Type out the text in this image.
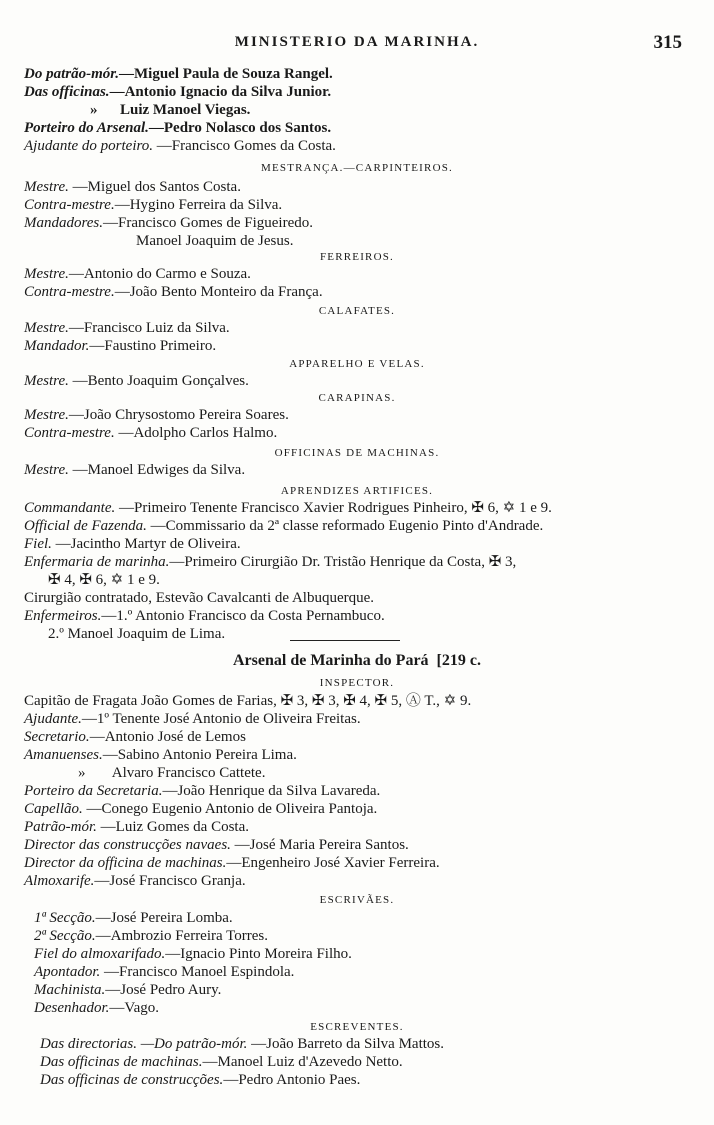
MINISTERIO DA MARINHA.	315
Do patrão-mór.—Miguel Paula de Souza Rangel.
Das officinas.—Antonio Ignacio da Silva Junior.
» Luiz Manoel Viegas.
Porteiro do Arsenal.—Pedro Nolasco dos Santos.
Ajudante do porteiro. —Francisco Gomes da Costa.
MESTRANÇA.—CARPINTEIROS.
Mestre. —Miguel dos Santos Costa.
Contra-mestre.—Hygino Ferreira da Silva.
Mandadores.—Francisco Gomes de Figueiredo.
Manoel Joaquim de Jesus.
FERREIROS.
Mestre.—Antonio do Carmo e Souza.
Contra-mestre.—João Bento Monteiro da França.
CALAFATES.
Mestre.—Francisco Luiz da Silva.
Mandador.—Faustino Primeiro.
APPARELHO E VELAS.
Mestre. —Bento Joaquim Gonçalves.
CARAPINAS.
Mestre.—João Chrysostomo Pereira Soares.
Contra-mestre. —Adolpho Carlos Halmo.
OFFICINAS DE MACHINAS.
Mestre. —Manoel Edwiges da Silva.
APRENDIZES ARTIFICES.
Commandante. —Primeiro Tenente Francisco Xavier Rodrigues Pinheiro, ✠ 6, ✡ 1 e 9.
Official de Fazenda. —Commissario da 2ª classe reformado Eugenio Pinto d'Andrade.
Fiel. —Jacintho Martyr de Oliveira.
Enfermaria de marinha.—Primeiro Cirurgião Dr. Tristão Henrique da Costa, ✠ 3,
✠ 4, ✠ 6, ✡ 1 e 9.
Cirurgião contratado, Estevão Cavalcanti de Albuquerque.
Enfermeiros.—1.º Antonio Francisco da Costa Pernambuco.
2.º Manoel Joaquim de Lima.
Arsenal de Marinha do Pará [219 c.
INSPECTOR.
Capitão de Fragata João Gomes de Farias, ✠ 3, ✠ 3, ✠ 4, ✠ 5, Ⓐ T., ✡ 9.
Ajudante.—1º Tenente José Antonio de Oliveira Freitas.
Secretario.—Antonio José de Lemos
Amanuenses.—Sabino Antonio Pereira Lima.
» Alvaro Francisco Cattete.
Porteiro da Secretaria.—João Henrique da Silva Lavareda.
Capellão. —Conego Eugenio Antonio de Oliveira Pantoja.
Patrão-mór. —Luiz Gomes da Costa.
Director das construcções navaes. —José Maria Pereira Santos.
Director da officina de machinas.—Engenheiro José Xavier Ferreira.
Almoxarife.—José Francisco Granja.
ESCRIVÃES.
1ª Secção.—José Pereira Lomba.
2ª Secção.—Ambrozio Ferreira Torres.
Fiel do almoxarifado.—Ignacio Pinto Moreira Filho.
Apontador. —Francisco Manoel Espindola.
Machinista.—José Pedro Aury.
Desenhador.—Vago.
ESCREVENTES.
Das directorias. —Do patrão-mór. —João Barreto da Silva Mattos.
Das officinas de machinas.—Manoel Luiz d'Azevedo Netto.
Das officinas de construcções.—Pedro Antonio Paes.
